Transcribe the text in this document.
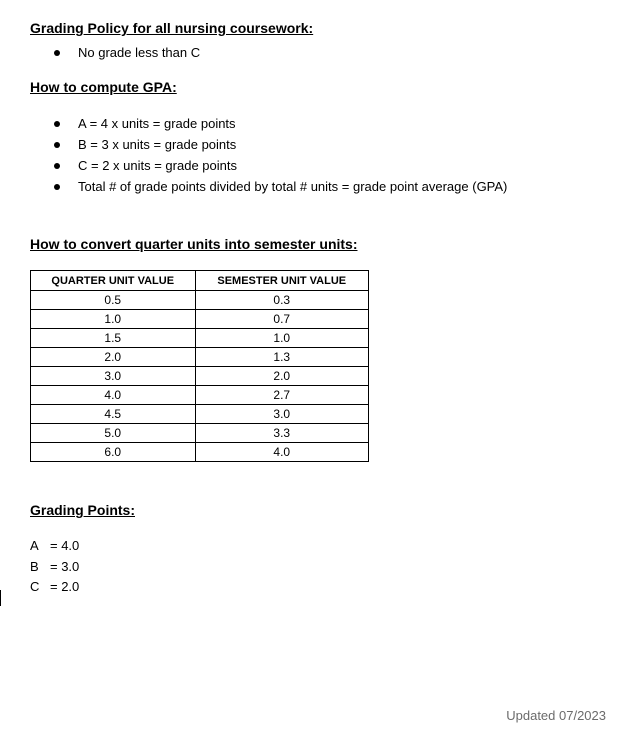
Grading Policy for all nursing coursework:
No grade less than C
How to compute GPA:
A = 4 x units = grade points
B = 3 x units = grade points
C = 2 x units = grade points
Total # of grade points divided by total # units = grade point average (GPA)
How to convert quarter units into semester units:
QUARTER UNIT VALUE	SEMESTER UNIT VALUE
0.5	0.3
1.0	0.7
1.5	1.0
2.0	1.3
3.0	2.0
4.0	2.7
4.5	3.0
5.0	3.3
6.0	4.0
Grading Points:
A = 4.0
B = 3.0
C = 2.0
Updated 07/2023
